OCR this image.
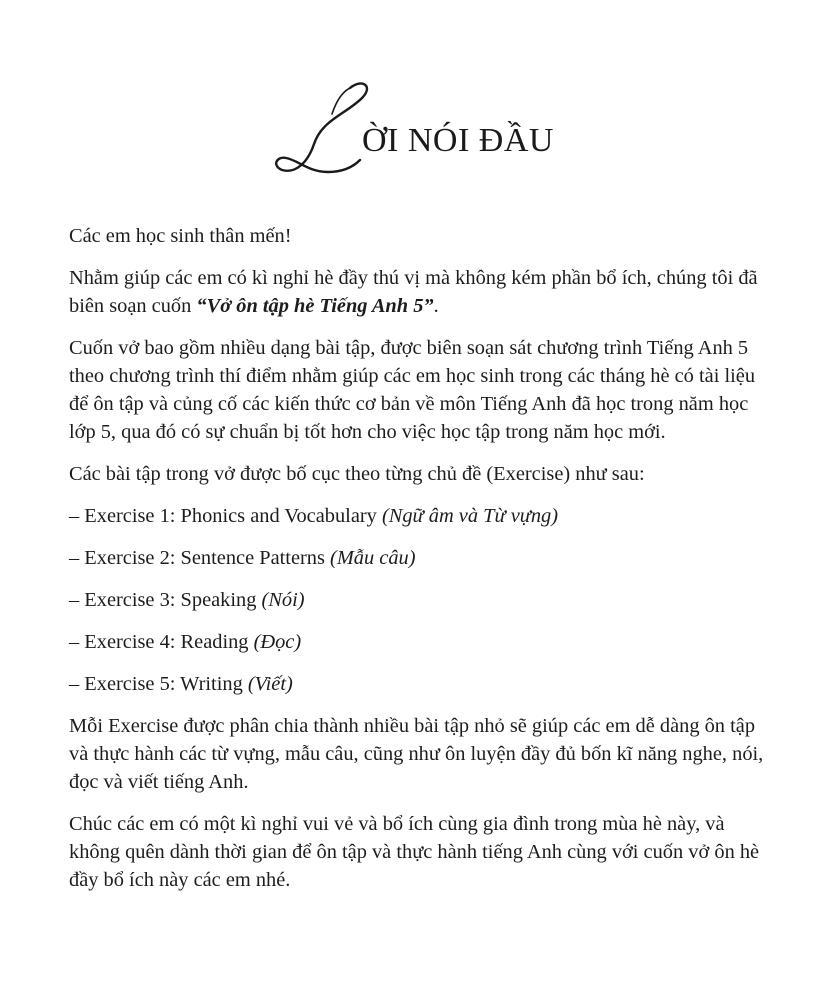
ỜI NÓI ĐẦU

Các em học sinh thân mến!

Nhằm giúp các em có kì nghỉ hè đầy thú vị mà không kém phần bổ ích, chúng tôi đã biên soạn cuốn “Vở ôn tập hè Tiếng Anh 5”.

Cuốn vở bao gồm nhiều dạng bài tập, được biên soạn sát chương trình Tiếng Anh 5 theo chương trình thí điểm nhằm giúp các em học sinh trong các tháng hè có tài liệu để ôn tập và củng cố các kiến thức cơ bản về môn Tiếng Anh đã học trong năm học lớp 5, qua đó có sự chuẩn bị tốt hơn cho việc học tập trong năm học mới.

Các bài tập trong vở được bố cục theo từng chủ đề (Exercise) như sau:

– Exercise 1: Phonics and Vocabulary (Ngữ âm và Từ vựng)

– Exercise 2: Sentence Patterns (Mẫu câu)

– Exercise 3: Speaking (Nói)

– Exercise 4: Reading (Đọc)

– Exercise 5: Writing (Viết)

Mỗi Exercise được phân chia thành nhiều bài tập nhỏ sẽ giúp các em dễ dàng ôn tập và thực hành các từ vựng, mẫu câu, cũng như ôn luyện đầy đủ bốn kĩ năng nghe, nói, đọc và viết tiếng Anh.

Chúc các em có một kì nghỉ vui vẻ và bổ ích cùng gia đình trong mùa hè này, và không quên dành thời gian để ôn tập và thực hành tiếng Anh cùng với cuốn vở ôn hè đầy bổ ích này các em nhé.
